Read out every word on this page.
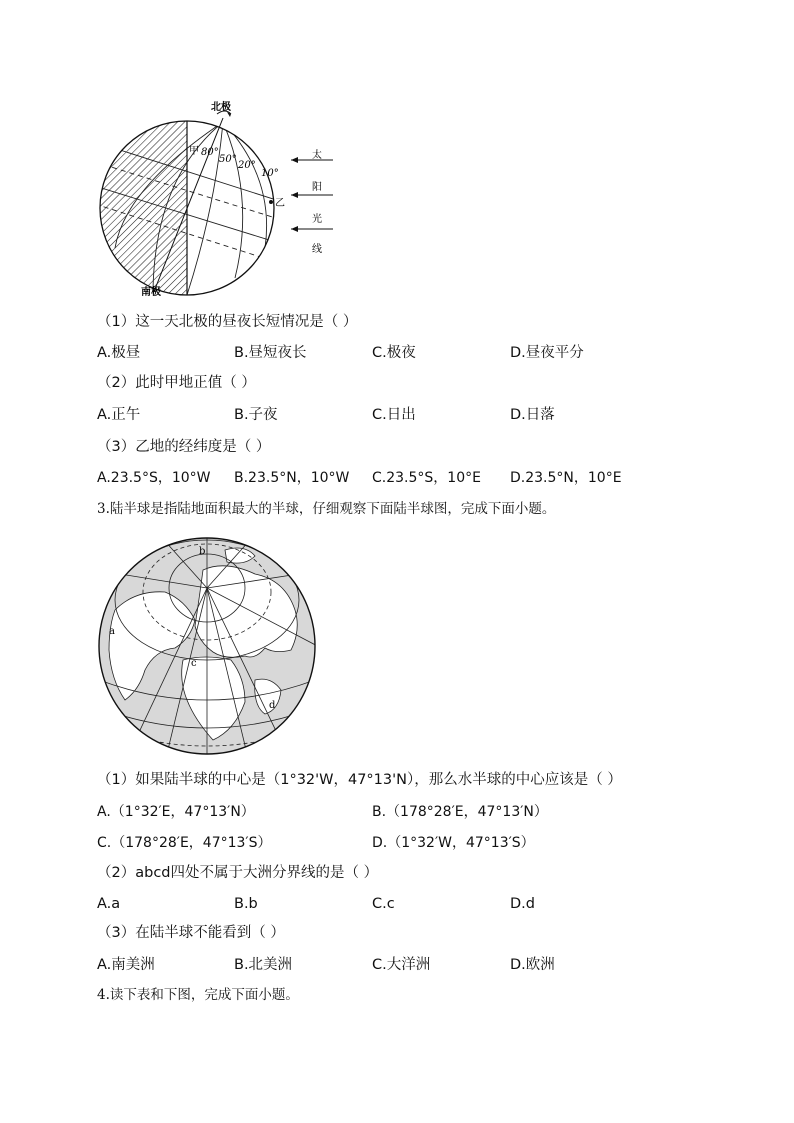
北极
南极
甲 80°
50°
20°
10°
乙
太
阳
光
线
（1）这一天北极的昼夜长短情况是（ ）
A.极昼	B.昼短夜长	C.极夜	D.昼夜平分
（2）此时甲地正值（ ）
A.正午	B.子夜	C.日出	D.日落
（3）乙地的经纬度是（ ）
A.23.5°S，10°W B.23.5°N，10°W C.23.5°S，10°E D.23.5°N，10°E
3.陆半球是指陆地面积最大的半球，仔细观察下面陆半球图，完成下面小题。
b
a
c
d
（1）如果陆半球的中心是（1°32'W，47°13'N），那么水半球的中心应该是（ ）
A.（1°32′E，47°13′N）	B.（178°28′E，47°13′N）
C.（178°28′E，47°13′S）	D.（1°32′W，47°13′S）
（2）abcd四处不属于大洲分界线的是（ ）
A.a	B.b	C.c	D.d
（3）在陆半球不能看到（ ）
A.南美洲	B.北美洲	C.大洋洲	D.欧洲
4.读下表和下图，完成下面小题。
